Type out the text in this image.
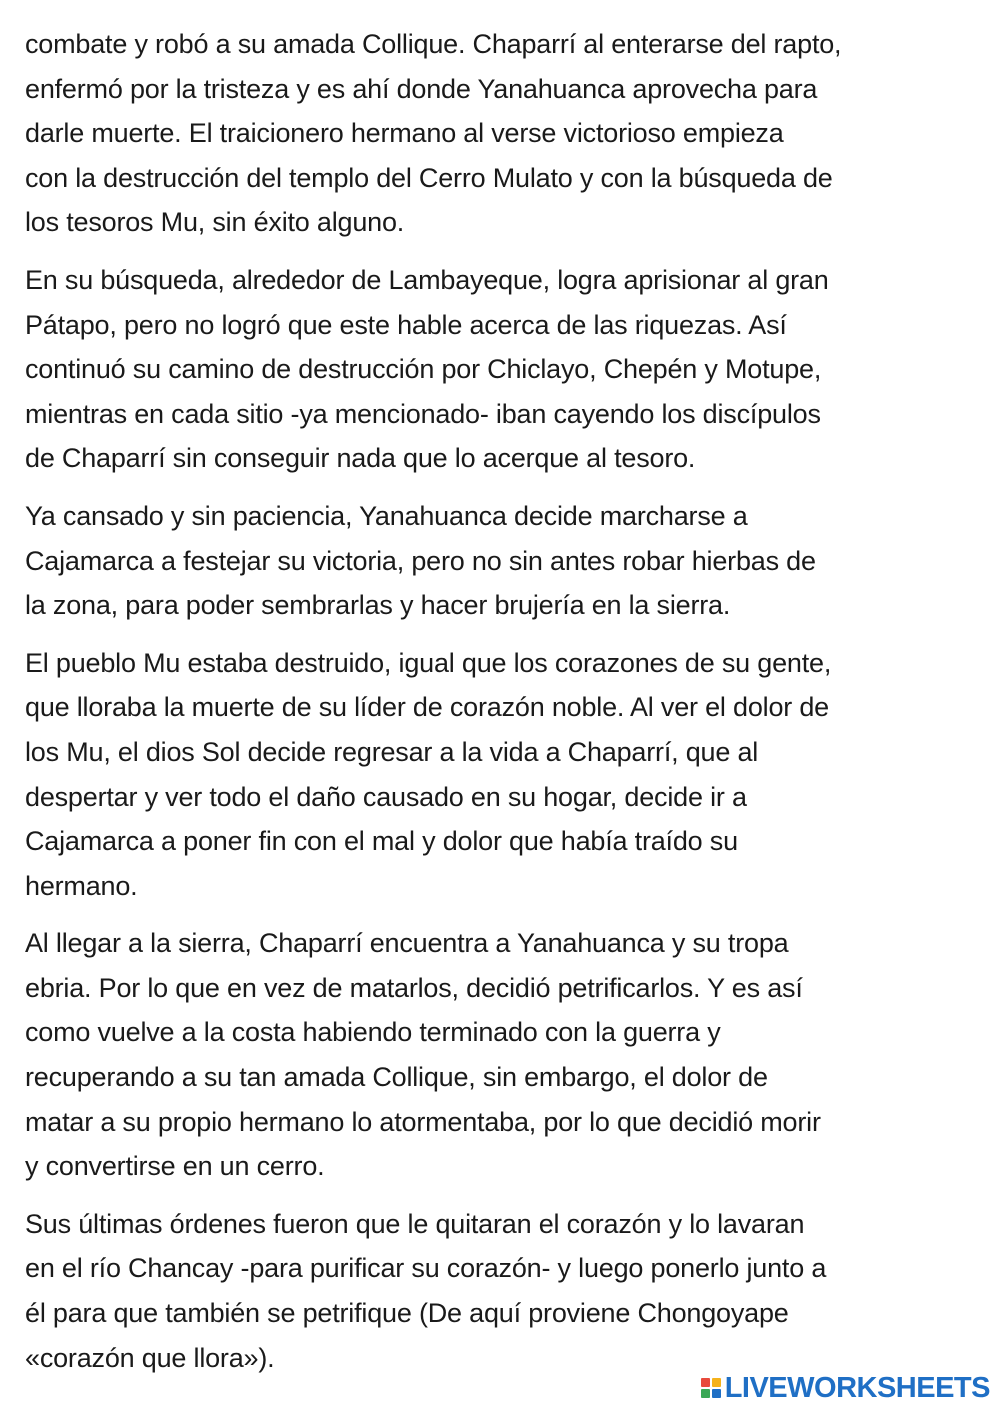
combate y robó a su amada Collique. Chaparrí al enterarse del rapto,
enfermó por la tristeza y es ahí donde Yanahuanca aprovecha para
darle muerte. El traicionero hermano al verse victorioso empieza
con la destrucción del templo del Cerro Mulato y con la búsqueda de
los tesoros Mu, sin éxito alguno.

En su búsqueda, alrededor de Lambayeque, logra aprisionar al gran
Pátapo, pero no logró que este hable acerca de las riquezas. Así
continuó su camino de destrucción por Chiclayo, Chepén y Motupe,
mientras en cada sitio -ya mencionado- iban cayendo los discípulos
de Chaparrí sin conseguir nada que lo acerque al tesoro.

Ya cansado y sin paciencia, Yanahuanca decide marcharse a
Cajamarca a festejar su victoria, pero no sin antes robar hierbas de
la zona, para poder sembrarlas y hacer brujería en la sierra.

El pueblo Mu estaba destruido, igual que los corazones de su gente,
que lloraba la muerte de su líder de corazón noble. Al ver el dolor de
los Mu, el dios Sol decide regresar a la vida a Chaparrí, que al
despertar y ver todo el daño causado en su hogar, decide ir a
Cajamarca a poner fin con el mal y dolor que había traído su
hermano.

Al llegar a la sierra, Chaparrí encuentra a Yanahuanca y su tropa
ebria. Por lo que en vez de matarlos, decidió petrificarlos. Y es así
como vuelve a la costa habiendo terminado con la guerra y
recuperando a su tan amada Collique, sin embargo, el dolor de
matar a su propio hermano lo atormentaba, por lo que decidió morir
y convertirse en un cerro.

Sus últimas órdenes fueron que le quitaran el corazón y lo lavaran
en el río Chancay -para purificar su corazón- y luego ponerlo junto a
él para que también se petrifique (De aquí proviene Chongoyape
«corazón que llora»).

LIVEWORKSHEETS
